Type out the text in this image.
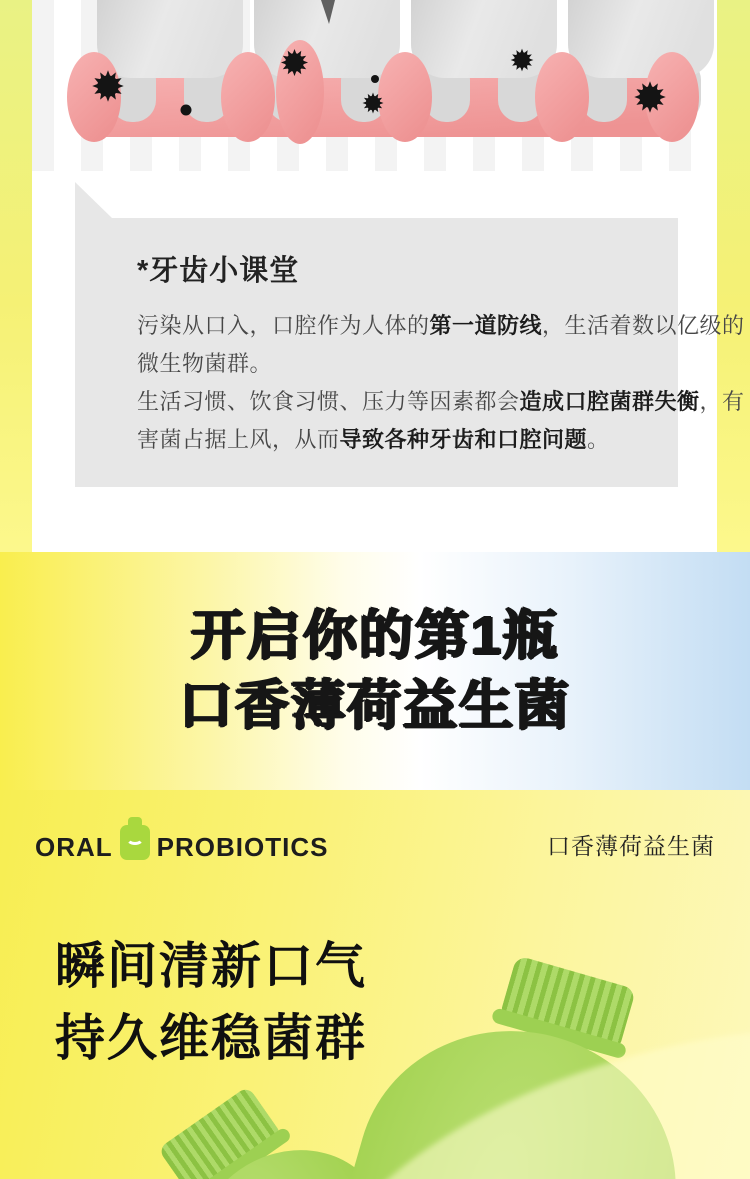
*牙齿小课堂
污染从口入，口腔作为人体的第一道防线，生活着数以亿级的
微生物菌群。
生活习惯、饮食习惯、压力等因素都会造成口腔菌群失衡，有
害菌占据上风，从而导致各种牙齿和口腔问题。
开启你的第1瓶
口香薄荷益生菌
ORAL PROBIOTICS	口香薄荷益生菌
瞬间清新口气
持久维稳菌群
